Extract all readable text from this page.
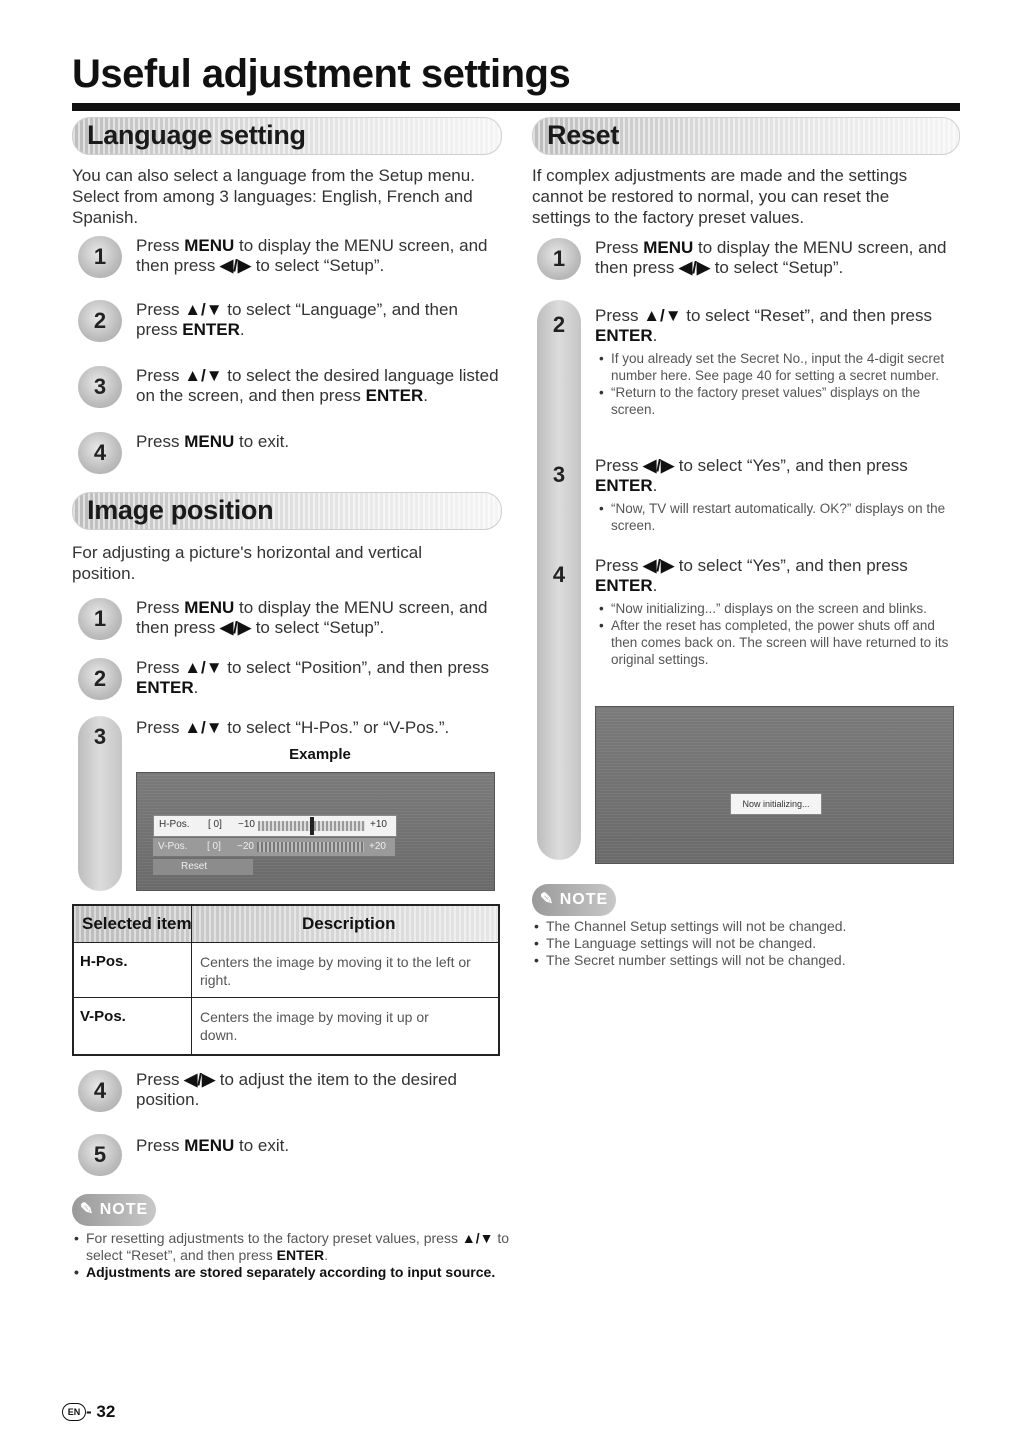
Useful adjustment settings
Language setting
You can also select a language from the Setup menu. Select from among 3 languages: English, French and Spanish.
1	Press MENU to display the MENU screen, and then press ◀/▶ to select “Setup”.
2	Press ▲/▼ to select “Language”, and then press ENTER.
3	Press ▲/▼ to select the desired language listed on the screen, and then press ENTER.
4	Press MENU to exit.
Image position
For adjusting a picture's horizontal and vertical position.
1	Press MENU to display the MENU screen, and then press ◀/▶ to select “Setup”.
2	Press ▲/▼ to select “Position”, and then press ENTER.
3	Press ▲/▼ to select “H-Pos.” or “V-Pos.”.
Example
H-Pos. [ 0] −10	+10
V-Pos. [ 0] −20	+20
Reset
Selected item	Description
H-Pos.	Centers the image by moving it to the left or right.
V-Pos.	Centers the image by moving it up or down.
4	Press ◀/▶ to adjust the item to the desired position.
5	Press MENU to exit.
✎ NOTE
• For resetting adjustments to the factory preset values, press ▲/▼ to select “Reset”, and then press ENTER.
• Adjustments are stored separately according to input source.
EN - 32
Reset
If complex adjustments are made and the settings cannot be restored to normal, you can reset the settings to the factory preset values.
1	Press MENU to display the MENU screen, and then press ◀/▶ to select “Setup”.
2	Press ▲/▼ to select “Reset”, and then press ENTER.
• If you already set the Secret No., input the 4-digit secret number here. See page 40 for setting a secret number.
• “Return to the factory preset values” displays on the screen.
3	Press ◀/▶ to select “Yes”, and then press ENTER.
• “Now, TV will restart automatically. OK?” displays on the screen.
4	Press ◀/▶ to select “Yes”, and then press ENTER.
• “Now initializing...” displays on the screen and blinks.
• After the reset has completed, the power shuts off and then comes back on. The screen will have returned to its original settings.
Now initializing...
✎ NOTE
• The Channel Setup settings will not be changed.
• The Language settings will not be changed.
• The Secret number settings will not be changed.
